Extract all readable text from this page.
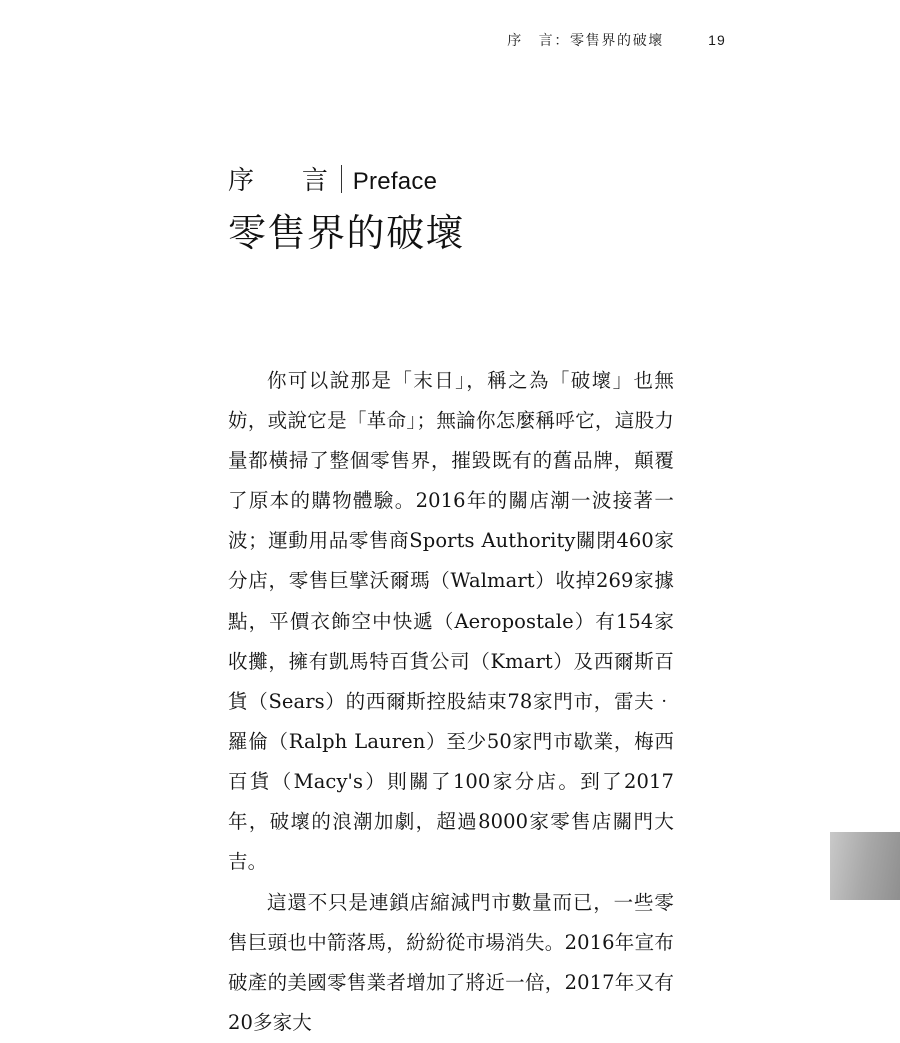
序　言：零售界的破壞	19
序　言 Preface
零售界的破壞

你可以說那是「末日」，稱之為「破壞」也無妨，或說它是「革命」；無論你怎麼稱呼它，這股力量都橫掃了整個零售界，摧毀既有的舊品牌，顛覆了原本的購物體驗。2016年的關店潮一波接著一波；運動用品零售商Sports Authority關閉460家分店，零售巨擘沃爾瑪（Walmart）收掉269家據點，平價衣飾空中快遞（Aeropostale）有154家收攤，擁有凱馬特百貨公司（Kmart）及西爾斯百貨（Sears）的西爾斯控股結束78家門市，雷夫‧羅倫（Ralph Lauren）至少50家門市歇業，梅西百貨（Macy's）則關了100家分店。到了2017年，破壞的浪潮加劇，超過8000家零售店關門大吉。

這還不只是連鎖店縮減門市數量而已，一些零售巨頭也中箭落馬，紛紛從市場消失。2016年宣布破產的美國零售業者增加了將近一倍，2017年又有20多家大
